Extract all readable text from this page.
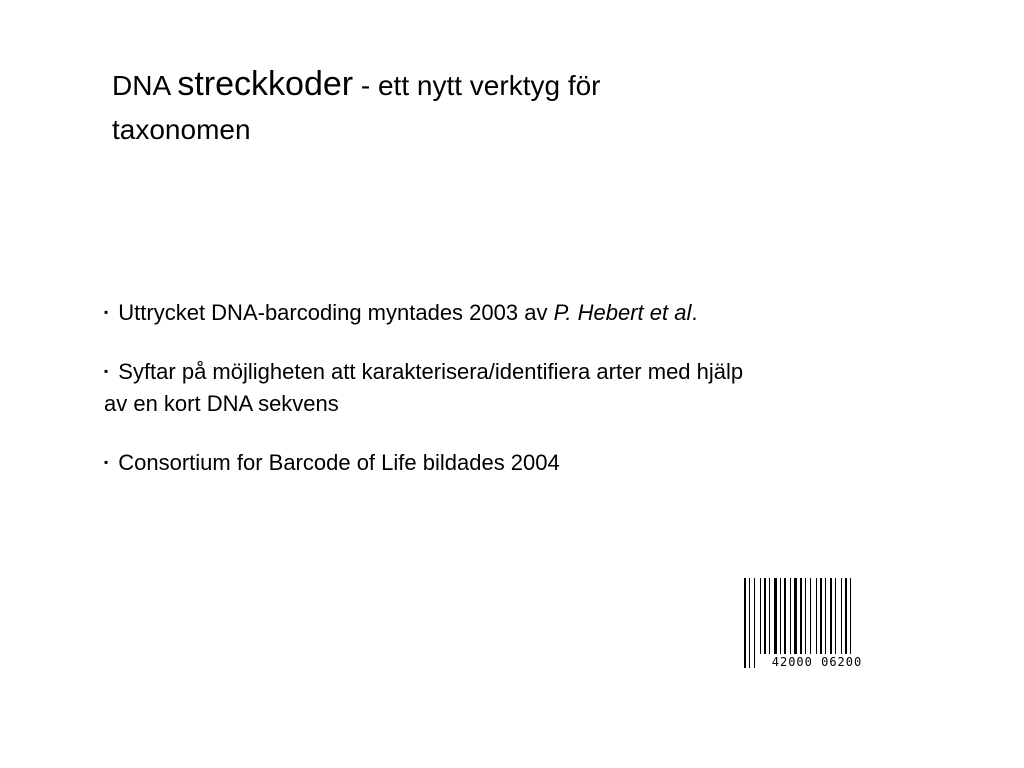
DNA streckkoder - ett nytt verktyg för
taxonomen
▪ Uttrycket DNA-barcoding myntades 2003 av P. Hebert et al.
▪ Syftar på möjligheten att karakterisera/identifiera arter med hjälp
av en kort DNA sekvens
▪ Consortium for Barcode of Life bildades 2004
42000 06200
